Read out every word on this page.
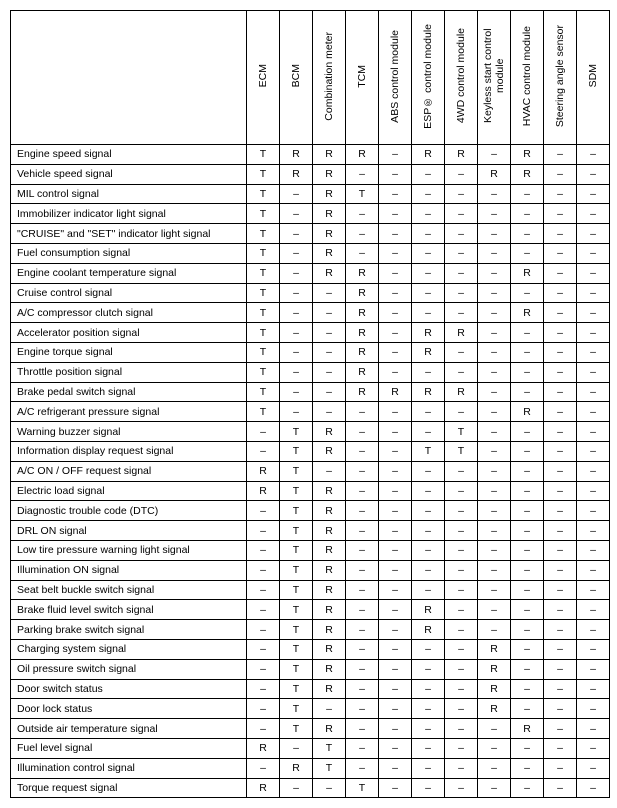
	ECM	BCM	Combination meter	TCM	ABS control module	ESP® control module	4WD control module	Keyless start control module	HVAC control module	Steering angle sensor	SDM
Engine speed signal	T	R	R	R	–	R	R	–	R	–	–
Vehicle speed signal	T	R	R	–	–	–	–	R	R	–	–
MIL control signal	T	–	R	T	–	–	–	–	–	–	–
Immobilizer indicator light signal	T	–	R	–	–	–	–	–	–	–	–
"CRUISE" and "SET" indicator light signal	T	–	R	–	–	–	–	–	–	–	–
Fuel consumption signal	T	–	R	–	–	–	–	–	–	–	–
Engine coolant temperature signal	T	–	R	R	–	–	–	–	R	–	–
Cruise control signal	T	–	–	R	–	–	–	–	–	–	–
A/C compressor clutch signal	T	–	–	R	–	–	–	–	R	–	–
Accelerator position signal	T	–	–	R	–	R	R	–	–	–	–
Engine torque signal	T	–	–	R	–	R	–	–	–	–	–
Throttle position signal	T	–	–	R	–	–	–	–	–	–	–
Brake pedal switch signal	T	–	–	R	R	R	R	–	–	–	–
A/C refrigerant pressure signal	T	–	–	–	–	–	–	–	R	–	–
Warning buzzer signal	–	T	R	–	–	–	T	–	–	–	–
Information display request signal	–	T	R	–	–	T	T	–	–	–	–
A/C ON / OFF request signal	R	T	–	–	–	–	–	–	–	–	–
Electric load signal	R	T	R	–	–	–	–	–	–	–	–
Diagnostic trouble code (DTC)	–	T	R	–	–	–	–	–	–	–	–
DRL ON signal	–	T	R	–	–	–	–	–	–	–	–
Low tire pressure warning light signal	–	T	R	–	–	–	–	–	–	–	–
Illumination ON signal	–	T	R	–	–	–	–	–	–	–	–
Seat belt buckle switch signal	–	T	R	–	–	–	–	–	–	–	–
Brake fluid level switch signal	–	T	R	–	–	R	–	–	–	–	–
Parking brake switch signal	–	T	R	–	–	R	–	–	–	–	–
Charging system signal	–	T	R	–	–	–	–	R	–	–	–
Oil pressure switch signal	–	T	R	–	–	–	–	R	–	–	–
Door switch status	–	T	R	–	–	–	–	R	–	–	–
Door lock status	–	T	–	–	–	–	–	R	–	–	–
Outside air temperature signal	–	T	R	–	–	–	–	–	R	–	–
Fuel level signal	R	–	T	–	–	–	–	–	–	–	–
Illumination control signal	–	R	T	–	–	–	–	–	–	–	–
Torque request signal	R	–	–	T	–	–	–	–	–	–	–
